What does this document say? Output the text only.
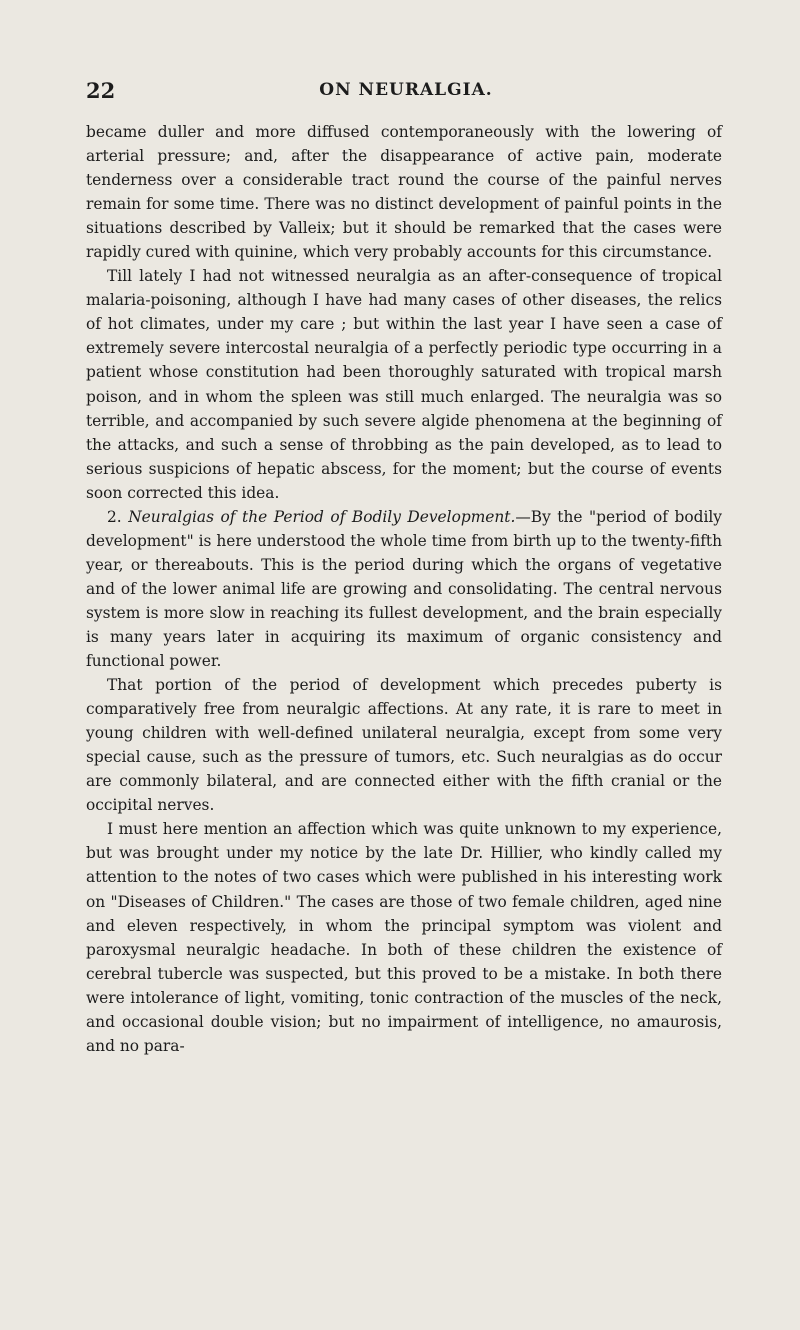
22	ON NEURALGIA.

became duller and more diffused contemporaneously with the lowering of arterial pressure; and, after the disappearance of active pain, moderate tenderness over a considerable tract round the course of the painful nerves remain for some time. There was no distinct development of painful points in the situations described by Valleix; but it should be remarked that the cases were rapidly cured with quinine, which very probably accounts for this circumstance.

Till lately I had not witnessed neuralgia as an after-consequence of tropical malaria-poisoning, although I have had many cases of other diseases, the relics of hot climates, under my care ; but within the last year I have seen a case of extremely severe intercostal neuralgia of a perfectly periodic type occurring in a patient whose constitution had been thoroughly saturated with tropical marsh poison, and in whom the spleen was still much enlarged. The neuralgia was so terrible, and accompanied by such severe algide phenomena at the beginning of the attacks, and such a sense of throbbing as the pain developed, as to lead to serious suspicions of hepatic abscess, for the moment; but the course of events soon corrected this idea.

2. Neuralgias of the Period of Bodily Development.—By the "period of bodily development" is here understood the whole time from birth up to the twenty-fifth year, or thereabouts. This is the period during which the organs of vegetative and of the lower animal life are growing and consolidating. The central nervous system is more slow in reaching its fullest development, and the brain especially is many years later in acquiring its maximum of organic consistency and functional power.

That portion of the period of development which precedes puberty is comparatively free from neuralgic affections. At any rate, it is rare to meet in young children with well-defined unilateral neuralgia, except from some very special cause, such as the pressure of tumors, etc. Such neuralgias as do occur are commonly bilateral, and are connected either with the fifth cranial or the occipital nerves.

I must here mention an affection which was quite unknown to my experience, but was brought under my notice by the late Dr. Hillier, who kindly called my attention to the notes of two cases which were published in his interesting work on "Diseases of Children." The cases are those of two female children, aged nine and eleven respectively, in whom the principal symptom was violent and paroxysmal neuralgic headache. In both of these children the existence of cerebral tubercle was suspected, but this proved to be a mistake. In both there were intolerance of light, vomiting, tonic contraction of the muscles of the neck, and occasional double vision; but no impairment of intelligence, no amaurosis, and no para-
